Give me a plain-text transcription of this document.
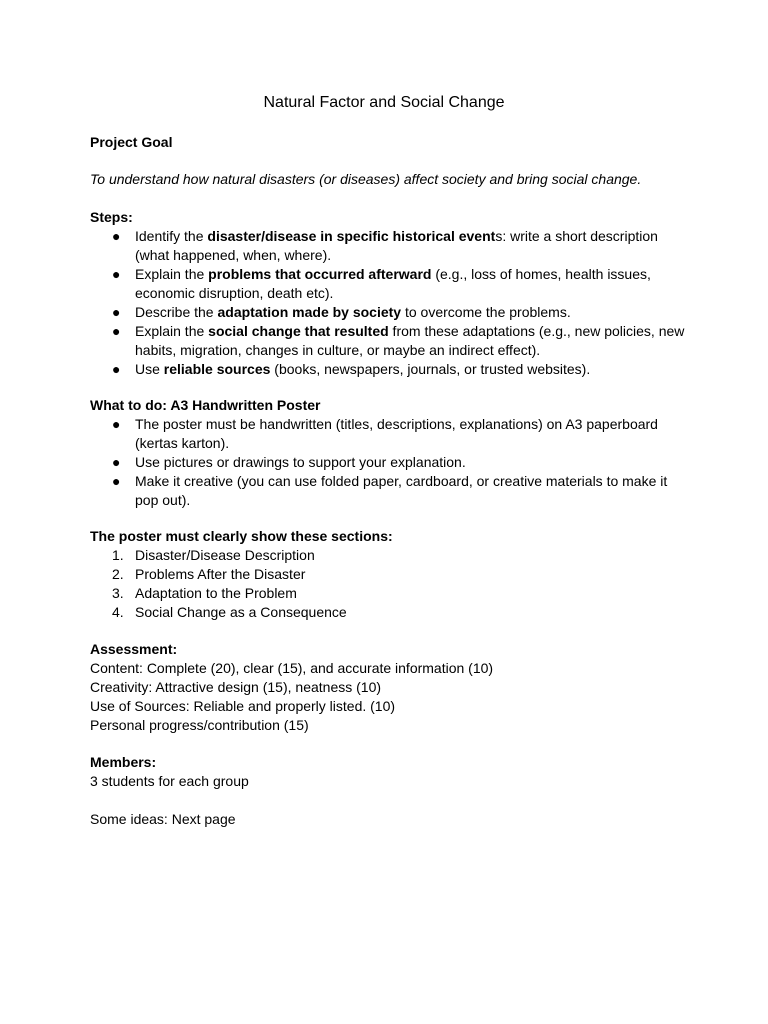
Natural Factor and Social Change

Project Goal

To understand how natural disasters (or diseases) affect society and bring social change.

Steps:

● Identify the disaster/disease in specific historical events: write a short description (what happened, when, where).
● Explain the problems that occurred afterward (e.g., loss of homes, health issues, economic disruption, death etc).
● Describe the adaptation made by society to overcome the problems.
● Explain the social change that resulted from these adaptations (e.g., new policies, new habits, migration, changes in culture, or maybe an indirect effect).
● Use reliable sources (books, newspapers, journals, or trusted websites).

What to do: A3 Handwritten Poster

● The poster must be handwritten (titles, descriptions, explanations) on A3 paperboard (kertas karton).
● Use pictures or drawings to support your explanation.
● Make it creative (you can use folded paper, cardboard, or creative materials to make it pop out).

The poster must clearly show these sections:

1. Disaster/Disease Description
2. Problems After the Disaster
3. Adaptation to the Problem
4. Social Change as a Consequence

Assessment:

Content: Complete (20), clear (15), and accurate information (10)

Creativity: Attractive design (15), neatness (10)

Use of Sources: Reliable and properly listed. (10)

Personal progress/contribution (15)

Members:

3 students for each group

Some ideas: Next page
